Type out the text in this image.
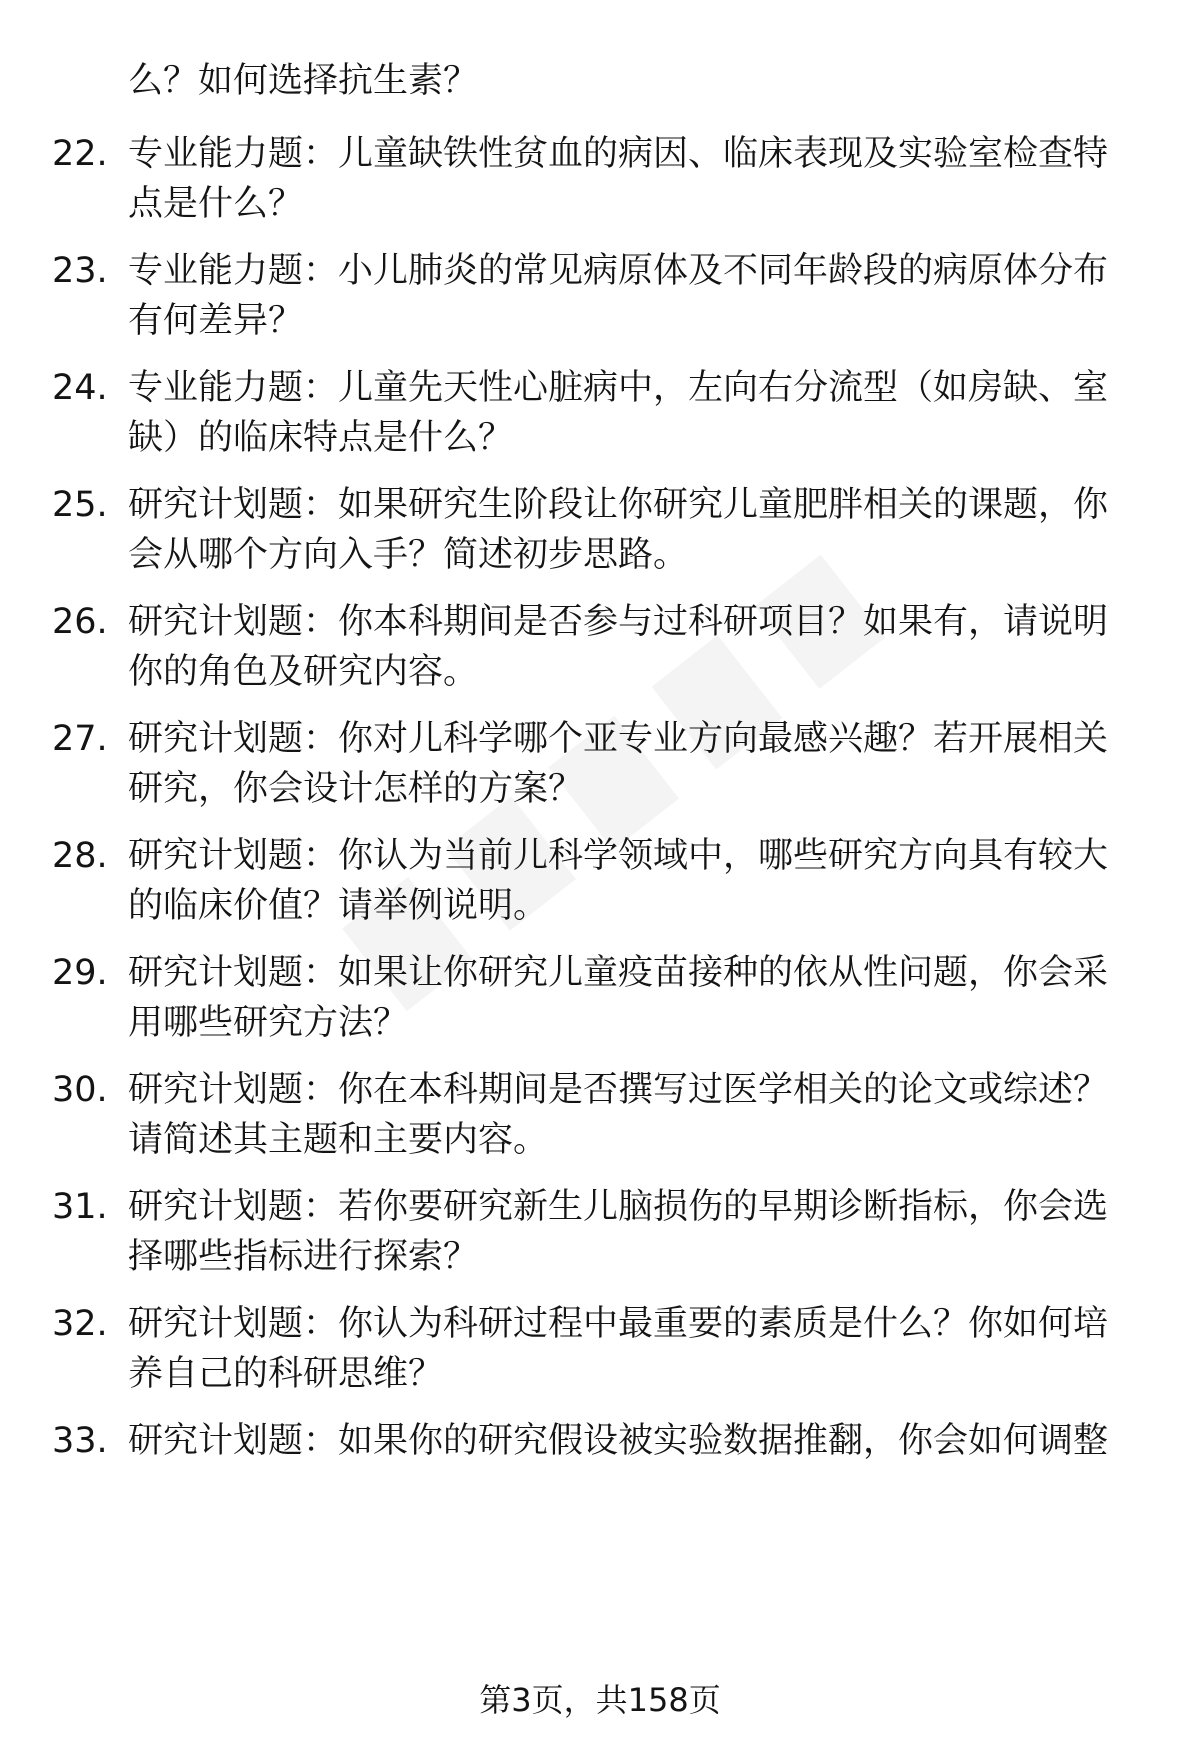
么？如何选择抗生素？
22. 专业能力题：儿童缺铁性贫血的病因、临床表现及实验室检查特
点是什么？
23. 专业能力题：小儿肺炎的常见病原体及不同年龄段的病原体分布
有何差异？
24. 专业能力题：儿童先天性心脏病中，左向右分流型（如房缺、室
缺）的临床特点是什么？
25. 研究计划题：如果研究生阶段让你研究儿童肥胖相关的课题，你
会从哪个方向入手？简述初步思路。
26. 研究计划题：你本科期间是否参与过科研项目？如果有，请说明
你的角色及研究内容。
27. 研究计划题：你对儿科学哪个亚专业方向最感兴趣？若开展相关
研究，你会设计怎样的方案？
28. 研究计划题：你认为当前儿科学领域中，哪些研究方向具有较大
的临床价值？请举例说明。
29. 研究计划题：如果让你研究儿童疫苗接种的依从性问题，你会采
用哪些研究方法？
30. 研究计划题：你在本科期间是否撰写过医学相关的论文或综述？
请简述其主题和主要内容。
31. 研究计划题：若你要研究新生儿脑损伤的早期诊断指标，你会选
择哪些指标进行探索？
32. 研究计划题：你认为科研过程中最重要的素质是什么？你如何培
养自己的科研思维？
33. 研究计划题：如果你的研究假设被实验数据推翻，你会如何调整
第3页，共158页
